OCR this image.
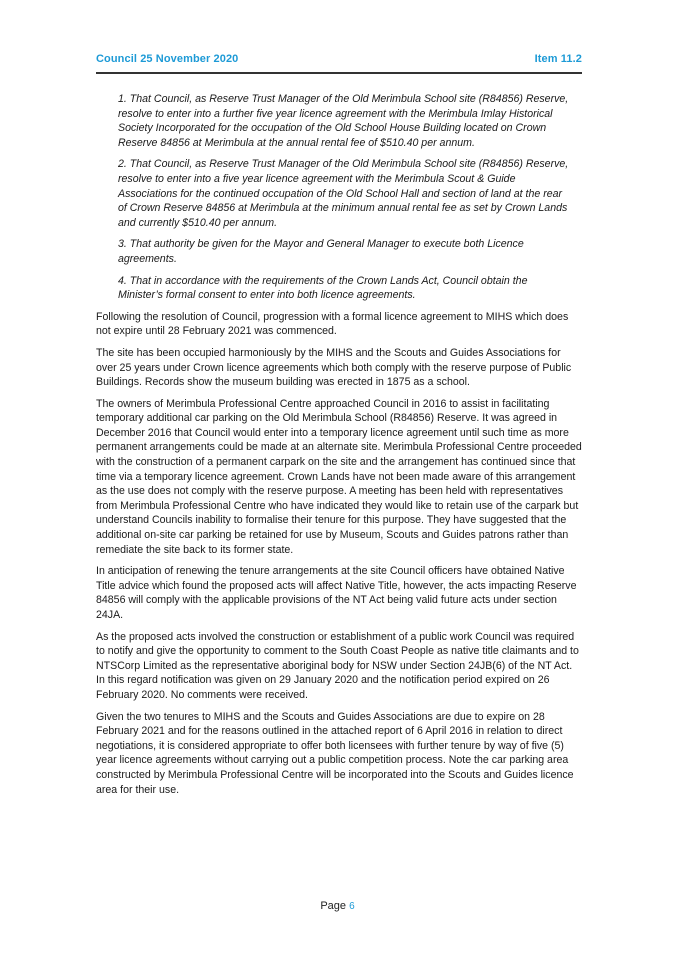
Council 25 November 2020	Item 11.2

1. That Council, as Reserve Trust Manager of the Old Merimbula School site (R84856) Reserve, resolve to enter into a further five year licence agreement with the Merimbula Imlay Historical Society Incorporated for the occupation of the Old School House Building located on Crown Reserve 84856 at Merimbula at the annual rental fee of $510.40 per annum.

2. That Council, as Reserve Trust Manager of the Old Merimbula School site (R84856) Reserve, resolve to enter into a five year licence agreement with the Merimbula Scout & Guide Associations for the continued occupation of the Old School Hall and section of land at the rear of Crown Reserve 84856 at Merimbula at the minimum annual rental fee as set by Crown Lands and currently $510.40 per annum.

3. That authority be given for the Mayor and General Manager to execute both Licence agreements.

4. That in accordance with the requirements of the Crown Lands Act, Council obtain the Minister’s formal consent to enter into both licence agreements.

Following the resolution of Council, progression with a formal licence agreement to MIHS which does not expire until 28 February 2021 was commenced.

The site has been occupied harmoniously by the MIHS and the Scouts and Guides Associations for over 25 years under Crown licence agreements which both comply with the reserve purpose of Public Buildings. Records show the museum building was erected in 1875 as a school.

The owners of Merimbula Professional Centre approached Council in 2016 to assist in facilitating temporary additional car parking on the Old Merimbula School (R84856) Reserve. It was agreed in December 2016 that Council would enter into a temporary licence agreement until such time as more permanent arrangements could be made at an alternate site. Merimbula Professional Centre proceeded with the construction of a permanent carpark on the site and the arrangement has continued since that time via a temporary licence agreement. Crown Lands have not been made aware of this arrangement as the use does not comply with the reserve purpose. A meeting has been held with representatives from Merimbula Professional Centre who have indicated they would like to retain use of the carpark but understand Councils inability to formalise their tenure for this purpose. They have suggested that the additional on-site car parking be retained for use by Museum, Scouts and Guides patrons rather than remediate the site back to its former state.

In anticipation of renewing the tenure arrangements at the site Council officers have obtained Native Title advice which found the proposed acts will affect Native Title, however, the acts impacting Reserve 84856 will comply with the applicable provisions of the NT Act being valid future acts under section 24JA.

As the proposed acts involved the construction or establishment of a public work Council was required to notify and give the opportunity to comment to the South Coast People as native title claimants and to NTSCorp Limited as the representative aboriginal body for NSW under Section 24JB(6) of the NT Act. In this regard notification was given on 29 January 2020 and the notification period expired on 26 February 2020. No comments were received.

Given the two tenures to MIHS and the Scouts and Guides Associations are due to expire on 28 February 2021 and for the reasons outlined in the attached report of 6 April 2016 in relation to direct negotiations, it is considered appropriate to offer both licensees with further tenure by way of five (5) year licence agreements without carrying out a public competition process. Note the car parking area constructed by Merimbula Professional Centre will be incorporated into the Scouts and Guides licence area for their use.

Page 6
